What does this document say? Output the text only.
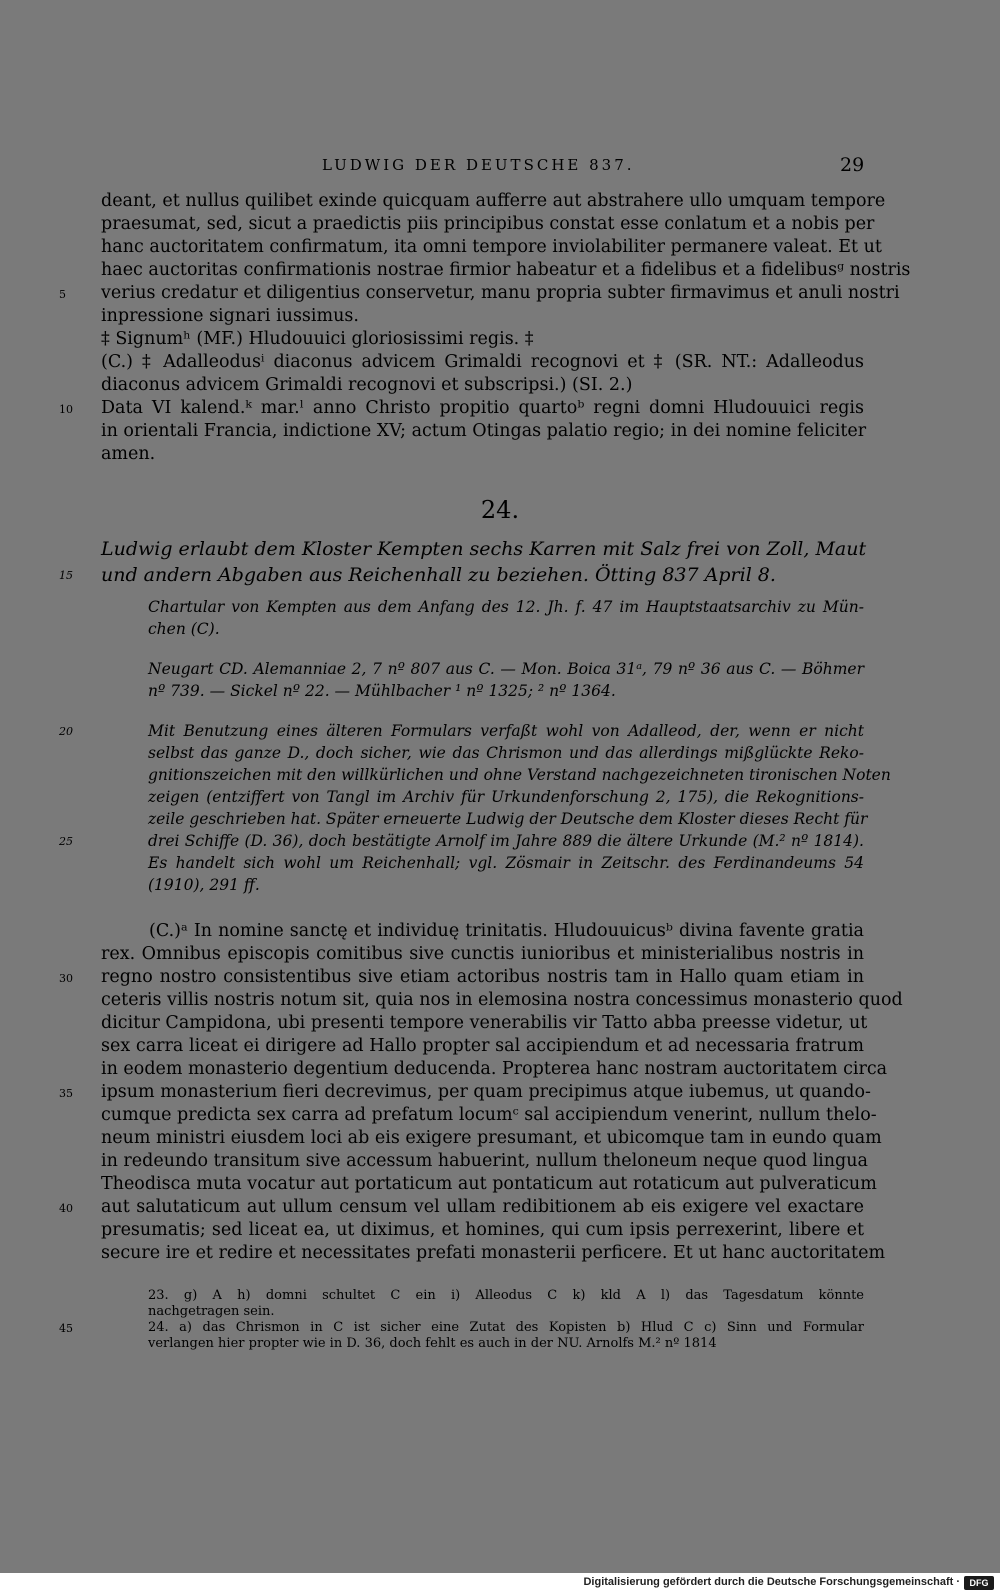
LUDWIG DER DEUTSCHE 837.	29
deant, et nullus quilibet exinde quicquam aufferre aut abstrahere ullo umquam tempore
praesumat, sed, sicut a praedictis piis principibus constat esse conlatum et a nobis per
hanc auctoritatem confirmatum, ita omni tempore inviolabiliter permanere valeat. Et ut
haec auctoritas confirmationis nostrae firmior habeatur et a fidelibus et a fidelibusᵍ nostris
verius credatur et diligentius conservetur, manu propria subter firmavimus et anuli nostri
5
inpressione signari iussimus.
‡ Signumʰ (MF.) Hludouuici gloriosissimi regis. ‡
(C.) ‡ Adalleodusⁱ diaconus advicem Grimaldi recognovi et ‡ (SR. NT.: Adalleodus
diaconus advicem Grimaldi recognovi et subscripsi.) (SI. 2.)
Data VI kalend.ᵏ mar.ˡ anno Christo propitio quartoᵇ regni domni Hludouuici regis
10
in orientali Francia, indictione XV; actum Otingas palatio regio; in dei nomine feliciter
amen.
24.
Ludwig erlaubt dem Kloster Kempten sechs Karren mit Salz frei von Zoll, Maut
und andern Abgaben aus Reichenhall zu beziehen. Ötting 837 April 8.
15
Chartular von Kempten aus dem Anfang des 12. Jh. f. 47 im Hauptstaatsarchiv zu Mün-
chen (C).
Neugart CD. Alemanniae 2, 7 nº 807 aus C. — Mon. Boica 31ᵃ, 79 nº 36 aus C. — Böhmer
nº 739. — Sickel nº 22. — Mühlbacher ¹ nº 1325; ² nº 1364.
Mit Benutzung eines älteren Formulars verfaßt wohl von Adalleod, der, wenn er nicht
20
selbst das ganze D., doch sicher, wie das Chrismon und das allerdings mißglückte Reko-
gnitionszeichen mit den willkürlichen und ohne Verstand nachgezeichneten tironischen Noten
zeigen (entziffert von Tangl im Archiv für Urkundenforschung 2, 175), die Rekognitions-
zeile geschrieben hat. Später erneuerte Ludwig der Deutsche dem Kloster dieses Recht für
drei Schiffe (D. 36), doch bestätigte Arnolf im Jahre 889 die ältere Urkunde (M.² nº 1814).
25
Es handelt sich wohl um Reichenhall; vgl. Zösmair in Zeitschr. des Ferdinandeums 54
(1910), 291 ff.
(C.)ᵃ In nomine sanctę et individuę trinitatis. Hludouuicusᵇ divina favente gratia
rex. Omnibus episcopis comitibus sive cunctis iunioribus et ministerialibus nostris in
regno nostro consistentibus sive etiam actoribus nostris tam in Hallo quam etiam in
30
ceteris villis nostris notum sit, quia nos in elemosina nostra concessimus monasterio quod
dicitur Campidona, ubi presenti tempore venerabilis vir Tatto abba preesse videtur, ut
sex carra liceat ei dirigere ad Hallo propter sal accipiendum et ad necessaria fratrum
in eodem monasterio degentium deducenda. Propterea hanc nostram auctoritatem circa
ipsum monasterium fieri decrevimus, per quam precipimus atque iubemus, ut quando-
35
cumque predicta sex carra ad prefatum locumᶜ sal accipiendum venerint, nullum thelo-
neum ministri eiusdem loci ab eis exigere presumant, et ubicomque tam in eundo quam
in redeundo transitum sive accessum habuerint, nullum theloneum neque quod lingua
Theodisca muta vocatur aut portaticum aut pontaticum aut rotaticum aut pulveraticum
aut salutaticum aut ullum censum vel ullam redibitionem ab eis exigere vel exactare
40
presumatis; sed liceat ea, ut diximus, et homines, qui cum ipsis perrexerint, libere et
secure ire et redire et necessitates prefati monasterii perficere. Et ut hanc auctoritatem
23. g) A h) domni schultet C ein i) Alleodus C k) kld A l) das Tagesdatum könnte
nachgetragen sein.
24. a) das Chrismon in C ist sicher eine Zutat des Kopisten b) Hlud C c) Sinn und Formular
45
verlangen hier propter wie in D. 36, doch fehlt es auch in der NU. Arnolfs M.² nº 1814
Digitalisierung gefördert durch die Deutsche Forschungsgemeinschaft ·	DFG
